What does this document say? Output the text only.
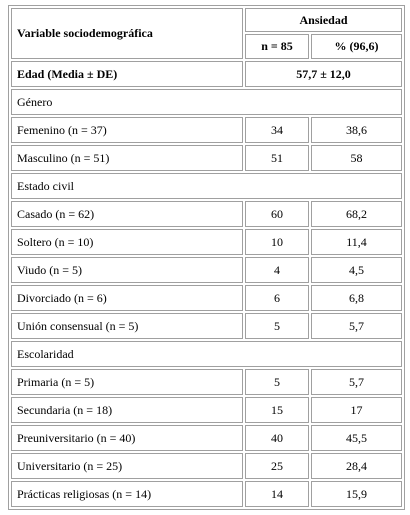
Variable sociodemográfica	Ansiedad	
	n = 85	% (96,6)
Edad (Media ± DE)	57,7 ± 12,0	
Género		
Femenino (n = 37)	34	38,6
Masculino (n = 51)	51	58
Estado civil		
Casado (n = 62)	60	68,2
Soltero (n = 10)	10	11,4
Viudo (n = 5)	4	4,5
Divorciado (n = 6)	6	6,8
Unión consensual (n = 5)	5	5,7
Escolaridad		
Primaria (n = 5)	5	5,7
Secundaria (n = 18)	15	17
Preuniversitario (n = 40)	40	45,5
Universitario (n = 25)	25	28,4
Prácticas religiosas (n = 14)	14	15,9
